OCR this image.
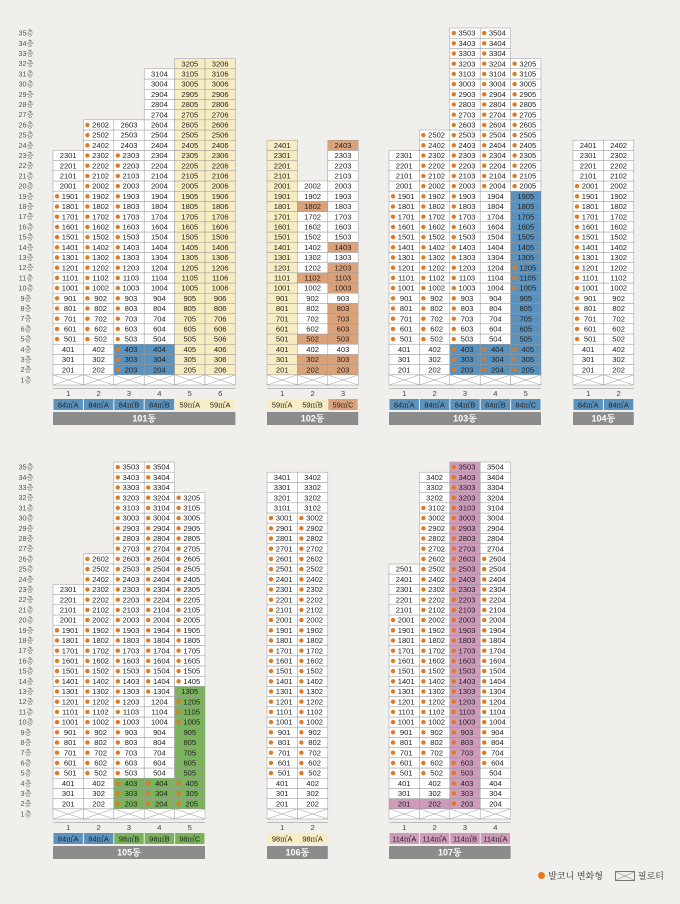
35층
34층
33층
32층
31층
30층
29층
28층
27층
26층
25층
24층
23층
22층
21층
20층
19층
18층
17층
16층
15층
14층
13층
12층
11층
10층
9층
8층
7층
6층
5층
4층
3층
2층
1층
35층
34층
33층
32층
31층
30층
29층
28층
27층
26층
25층
24층
23층
22층
21층
20층
19층
18층
17층
16층
15층
14층
13층
12층
11층
10층
9층
8층
7층
6층
5층
4층
3층
2층
1층
201
301
401
501
601
701
801
901
1001
1101
1201
1301
1401
1501
1601
1701
1801
1901
2001
2101
2201
2301
1
84㎡A
202
302
402
502
602
702
802
902
1002
1102
1202
1302
1402
1502
1602
1702
1802
1902
2002
2102
2202
2302
2402
2502
2602
2
84㎡A
203
303
403
503
603
703
803
903
1003
1103
1203
1303
1403
1503
1603
1703
1803
1903
2003
2103
2203
2303
2403
2503
2603
3
84㎡B
204
304
404
504
604
704
804
904
1004
1104
1204
1304
1404
1504
1604
1704
1804
1904
2004
2104
2204
2304
2404
2504
2604
2704
2804
2904
3004
3104
4
84㎡B
205
305
405
505
605
705
805
905
1005
1105
1205
1305
1405
1505
1605
1705
1805
1905
2005
2105
2205
2305
2405
2505
2605
2705
2805
2905
3005
3105
3205
5
59㎡A
206
306
406
506
606
706
806
906
1006
1106
1206
1306
1406
1506
1606
1706
1806
1906
2006
2106
2206
2306
2406
2506
2606
2706
2806
2906
3006
3106
3206
6
59㎡A
101동
201
301
401
501
601
701
801
901
1001
1101
1201
1301
1401
1501
1601
1701
1801
1901
2001
2101
2201
2301
2401
1
59㎡A
202
302
402
502
602
702
802
902
1002
1102
1202
1302
1402
1502
1602
1702
1802
1902
2002
2
59㎡B
203
303
403
503
603
703
803
903
1003
1103
1203
1303
1403
1503
1603
1703
1803
1903
2003
2103
2203
2303
2403
3
59㎡C
102동
201
301
401
501
601
701
801
901
1001
1101
1201
1301
1401
1501
1601
1701
1801
1901
2001
2101
2201
2301
1
84㎡A
202
302
402
502
602
702
802
902
1002
1102
1202
1302
1402
1502
1602
1702
1802
1902
2002
2102
2202
2302
2402
2502
2
84㎡A
203
303
403
503
603
703
803
903
1003
1103
1203
1303
1403
1503
1603
1703
1803
1903
2003
2103
2203
2303
2403
2503
2603
2703
2803
2903
3003
3103
3203
3303
3403
3503
3
84㎡B
204
304
404
504
604
704
804
904
1004
1104
1204
1304
1404
1504
1604
1704
1804
1904
2004
2104
2204
2304
2404
2504
2604
2704
2804
2904
3004
3104
3204
3304
3404
3504
4
84㎡B
205
305
405
505
605
705
805
905
1005
1105
1205
1305
1405
1505
1605
1705
1805
1905
2005
2105
2205
2305
2405
2505
2605
2705
2805
2905
3005
3105
3205
5
84㎡C
103동
201
301
401
501
601
701
801
901
1001
1101
1201
1301
1401
1501
1601
1701
1801
1901
2001
2101
2201
2301
2401
1
84㎡A
202
302
402
502
602
702
802
902
1002
1102
1202
1302
1402
1502
1602
1702
1802
1902
2002
2102
2202
2302
2402
2
84㎡A
104동
201
301
401
501
601
701
801
901
1001
1101
1201
1301
1401
1501
1601
1701
1801
1901
2001
2101
2201
2301
1
84㎡A
202
302
402
502
602
702
802
902
1002
1102
1202
1302
1402
1502
1602
1702
1802
1902
2002
2102
2202
2302
2402
2502
2602
2
84㎡A
203
303
403
503
603
703
803
903
1003
1103
1203
1303
1403
1503
1603
1703
1803
1903
2003
2103
2203
2303
2403
2503
2603
2703
2803
2903
3003
3103
3203
3303
3403
3503
3
98㎡B
204
304
404
504
604
704
804
904
1004
1104
1204
1304
1404
1504
1604
1704
1804
1904
2004
2104
2204
2304
2404
2504
2604
2704
2804
2904
3004
3104
3204
3304
3404
3504
4
98㎡B
205
305
405
505
605
705
805
905
1005
1105
1205
1305
1405
1505
1605
1705
1805
1905
2005
2105
2205
2305
2405
2505
2605
2705
2805
2905
3005
3105
3205
5
98㎡C
105동
201
301
401
501
601
701
801
901
1001
1101
1201
1301
1401
1501
1601
1701
1801
1901
2001
2101
2201
2301
2401
2501
2601
2701
2801
2901
3001
3101
3201
3301
3401
1
98㎡A
202
302
402
502
602
702
802
902
1002
1102
1202
1302
1402
1502
1602
1702
1802
1902
2002
2102
2202
2302
2402
2502
2602
2702
2802
2902
3002
3102
3202
3302
3402
2
98㎡A
106동
201
301
401
501
601
701
801
901
1001
1101
1201
1301
1401
1501
1601
1701
1801
1901
2001
2101
2201
2301
2401
2501
1
114㎡A
202
302
402
502
602
702
802
902
1002
1102
1202
1302
1402
1502
1602
1702
1802
1902
2002
2102
2202
2302
2402
2502
2602
2702
2802
2902
3002
3102
3202
3302
3402
2
114㎡A
203
303
403
503
603
703
803
903
1003
1103
1203
1303
1403
1503
1603
1703
1803
1903
2003
2103
2203
2303
2403
2503
2603
2703
2803
2903
3003
3103
3203
3303
3403
3503
3
114㎡B
204
304
404
504
604
704
804
904
1004
1104
1204
1304
1404
1504
1604
1704
1804
1904
2004
2104
2204
2304
2404
2504
2604
2704
2804
2904
3004
3104
3204
3304
3404
3504
4
114㎡A
107동
발코니 변화형	필로티
